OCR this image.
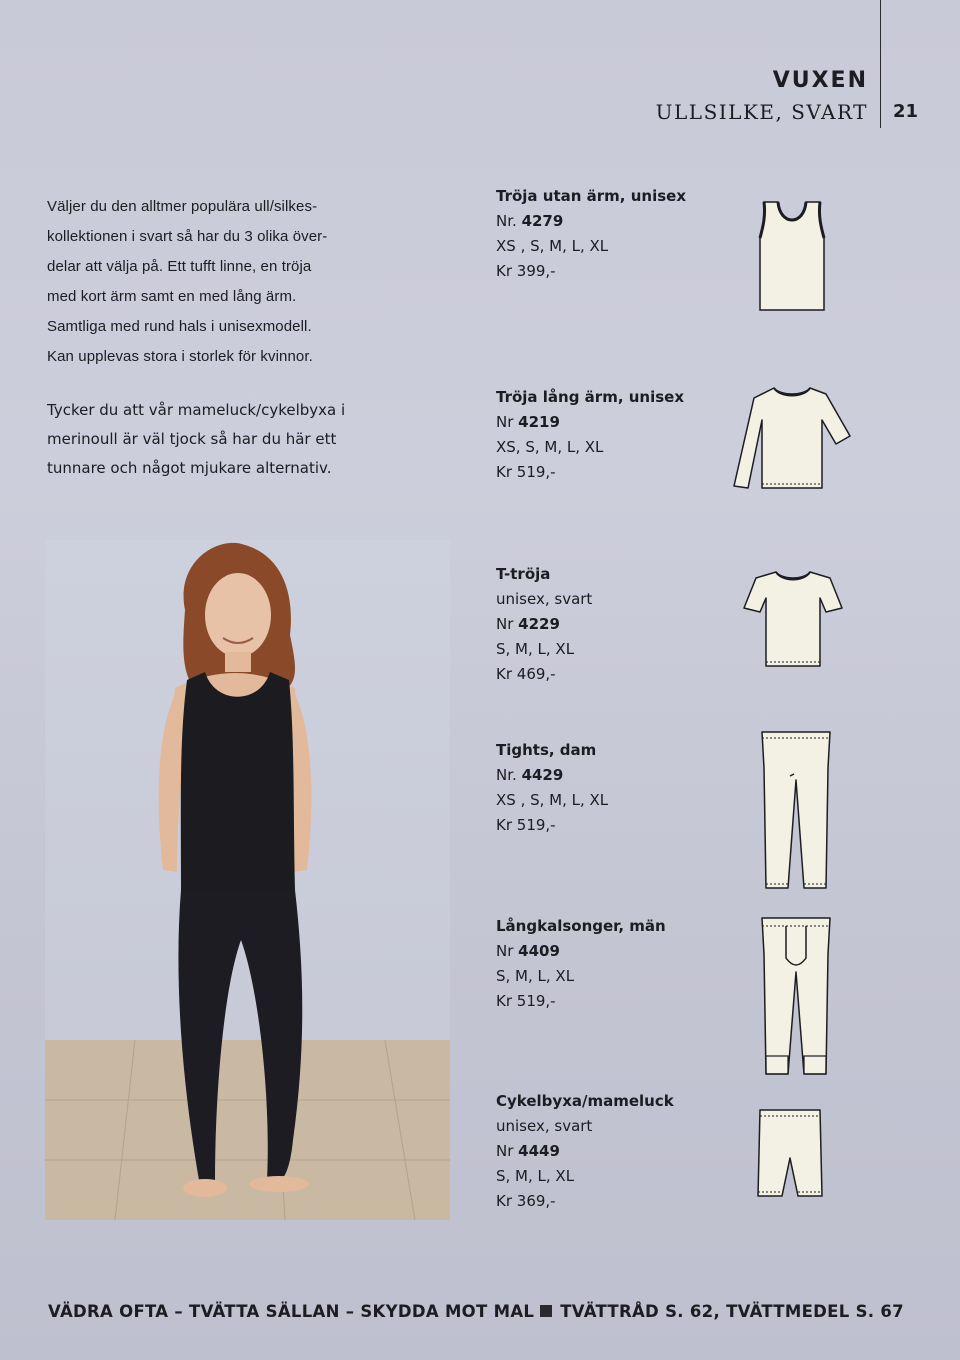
VUXEN
ULLSILKE, SVART 21

Väljer du den alltmer populära ull/silkes-

kollektionen i svart så har du 3 olika över-

delar att välja på. Ett tufft linne, en tröja

med kort ärm samt en med lång ärm.

Samtliga med rund hals i unisexmodell.

Kan upplevas stora i storlek för kvinnor.

Tycker du att vår mameluck/cykelbyxa i

merinoull är väl tjock så har du här ett

tunnare och något mjukare alternativ.

Tröja utan ärm, unisex
Nr. 4279
XS , S, M, L, XL
Kr 399,-
Tröja lång ärm, unisex
Nr 4219
XS, S, M, L, XL
Kr 519,-
T-tröja
unisex, svart
Nr 4229
S, M, L, XL
Kr 469,-
Tights, dam
Nr. 4429
XS , S, M, L, XL
Kr 519,-
Långkalsonger, män
Nr 4409
S, M, L, XL
Kr 519,-
Cykelbyxa/mameluck
unisex, svart
Nr 4449
S, M, L, XL
Kr 369,-
VÄDRA OFTA – TVÄTTA SÄLLAN – SKYDDA MOT MAL TVÄTTRÅD S. 62, TVÄTTMEDEL S. 67
